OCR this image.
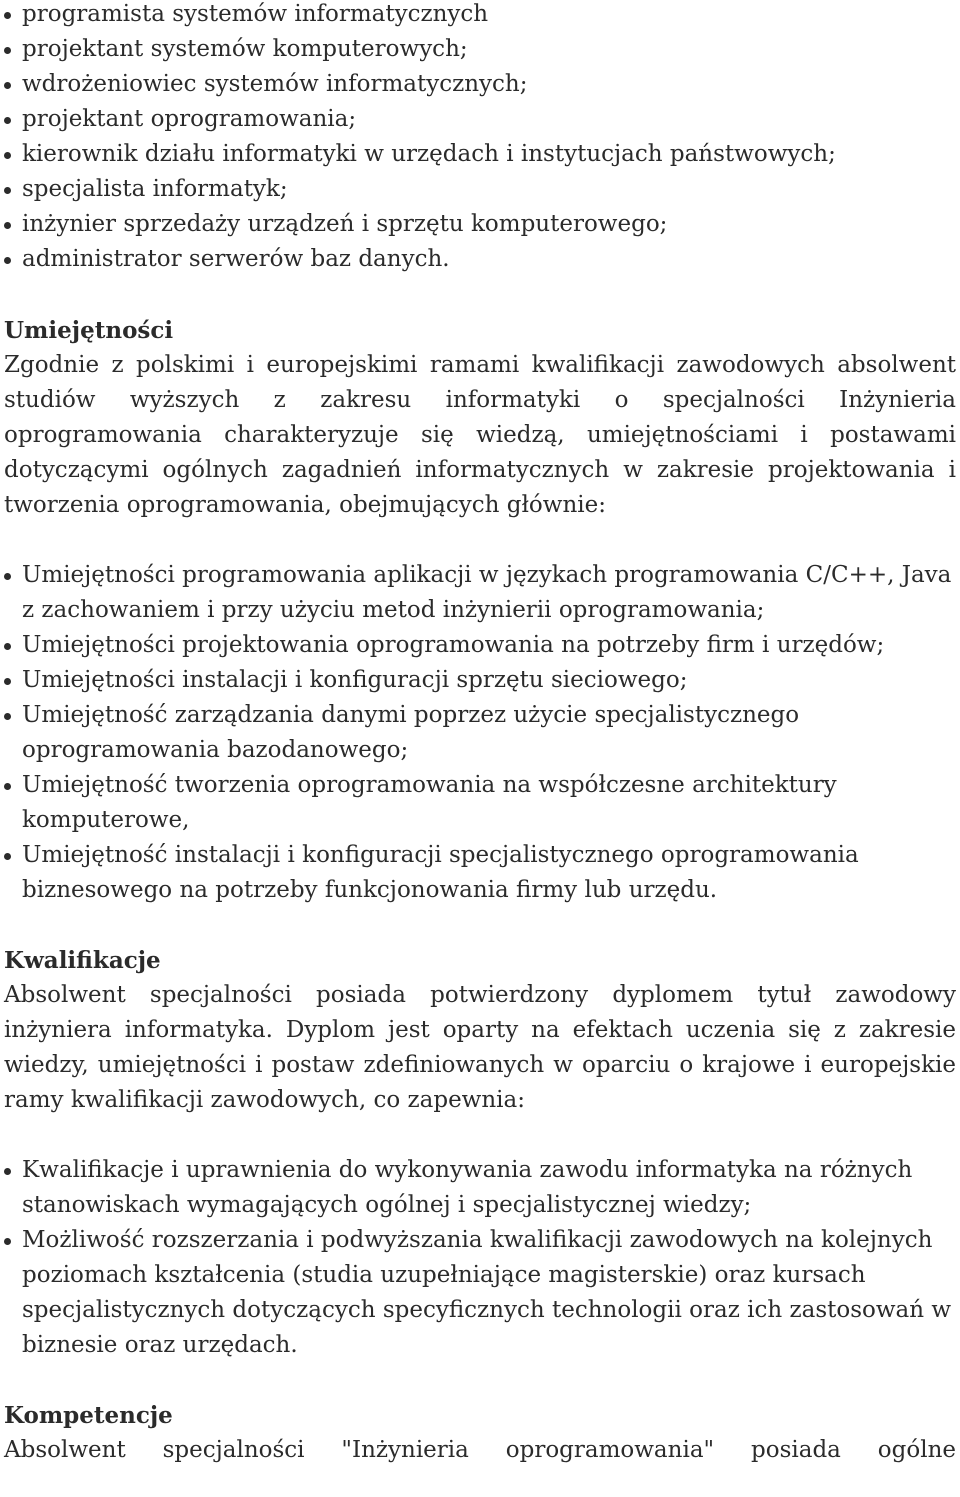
programista systemów informatycznych
projektant systemów komputerowych;
wdrożeniowiec systemów informatycznych;
projektant oprogramowania;
kierownik działu informatyki w urzędach i instytucjach państwowych;
specjalista informatyk;
inżynier sprzedaży urządzeń i sprzętu komputerowego;
administrator serwerów baz danych.
Umiejętności

Zgodnie z polskimi i europejskimi ramami kwalifikacji zawodowych absolwent studiów wyższych z zakresu informatyki o specjalności Inżynieria oprogramowania charakteryzuje się wiedzą, umiejętnościami i postawami dotyczącymi ogólnych zagadnień informatycznych w zakresie projektowania i tworzenia oprogramowania, obejmujących głównie:

Umiejętności programowania aplikacji w językach programowania C/C++, Java z zachowaniem i przy użyciu metod inżynierii oprogramowania;
Umiejętności projektowania oprogramowania na potrzeby firm i urzędów;
Umiejętności instalacji i konfiguracji sprzętu sieciowego;
Umiejętność zarządzania danymi poprzez użycie specjalistycznego oprogramowania bazodanowego;
Umiejętność tworzenia oprogramowania na współczesne architektury komputerowe,
Umiejętność instalacji i konfiguracji specjalistycznego oprogramowania biznesowego na potrzeby funkcjonowania firmy lub urzędu.
Kwalifikacje

Absolwent specjalności posiada potwierdzony dyplomem tytuł zawodowy inżyniera informatyka. Dyplom jest oparty na efektach uczenia się z zakresie wiedzy, umiejętności i postaw zdefiniowanych w oparciu o krajowe i europejskie ramy kwalifikacji zawodowych, co zapewnia:

Kwalifikacje i uprawnienia do wykonywania zawodu informatyka na różnych stanowiskach wymagających ogólnej i specjalistycznej wiedzy;
Możliwość rozszerzania i podwyższania kwalifikacji zawodowych na kolejnych poziomach kształcenia (studia uzupełniające magisterskie) oraz kursach specjalistycznych dotyczących specyficznych technologii oraz ich zastosowań w biznesie oraz urzędach.
Kompetencje

Absolwent specjalności "Inżynieria oprogramowania" posiada ogólne
